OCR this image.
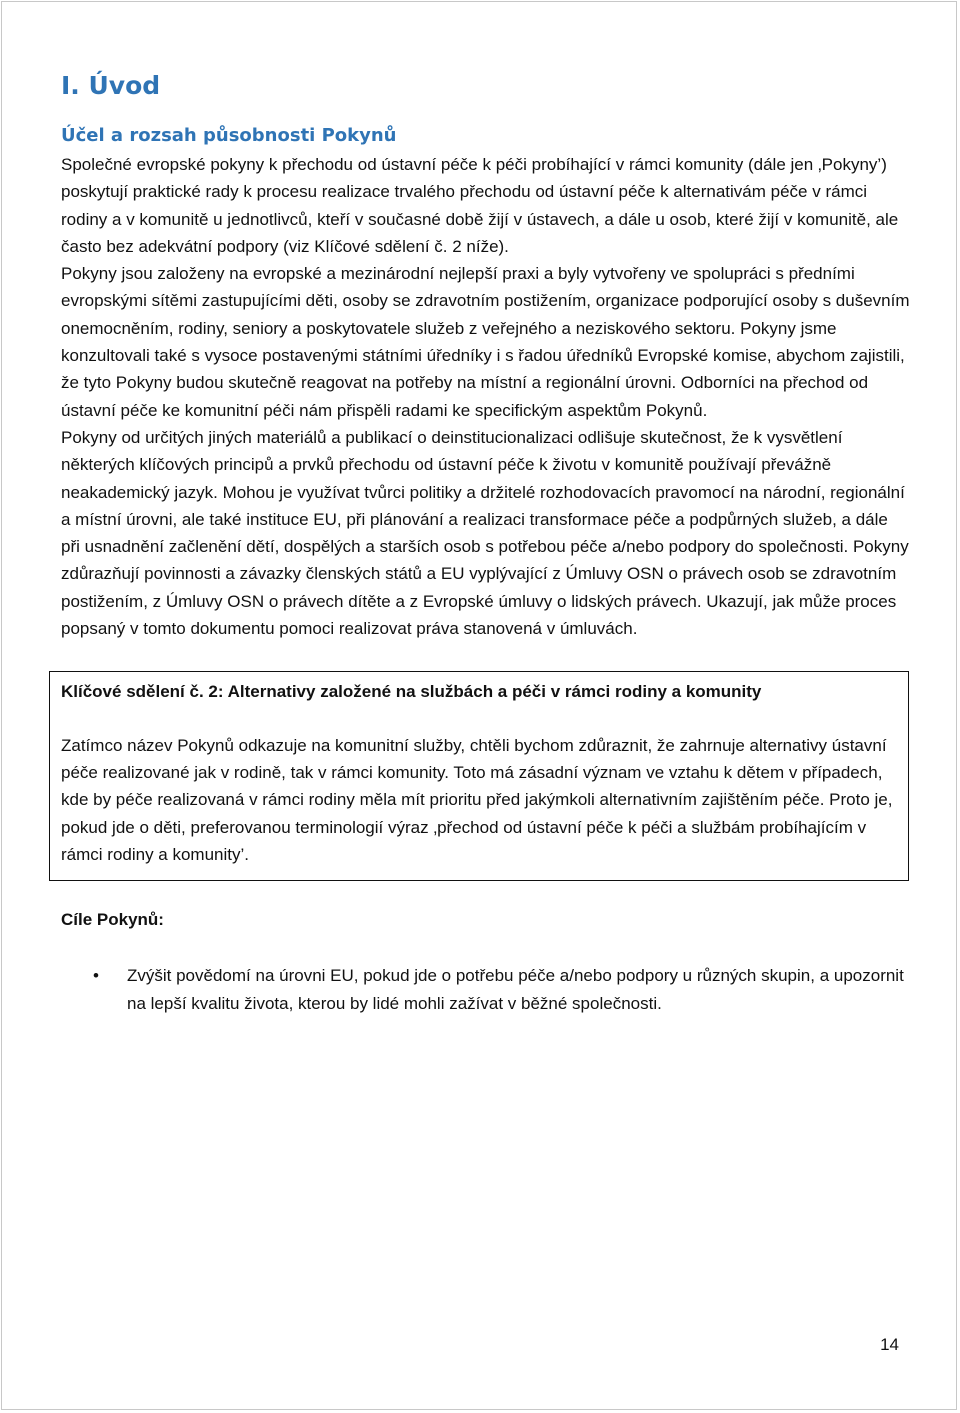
I. Úvod
Účel a rozsah působnosti Pokynů

Společné evropské pokyny k přechodu od ústavní péče k péči probíhající v rámci komunity (dále jen ‚Pokyny’) poskytují praktické rady k procesu realizace trvalého přechodu od ústavní péče k alternativám péče v rámci rodiny a v komunitě u jednotlivců, kteří v současné době žijí v ústavech, a dále u osob, které žijí v komunitě, ale často bez adekvátní podpory (viz Klíčové sdělení č. 2 níže).

Pokyny jsou založeny na evropské a mezinárodní nejlepší praxi a byly vytvořeny ve spolupráci s předními evropskými sítěmi zastupujícími děti, osoby se zdravotním postižením, organizace podporující osoby s duševním onemocněním, rodiny, seniory a poskytovatele služeb z veřejného a neziskového sektoru. Pokyny jsme konzultovali také s vysoce postavenými státními úředníky i s řadou úředníků Evropské komise, abychom zajistili, že tyto Pokyny budou skutečně reagovat na potřeby na místní a regionální úrovni. Odborníci na přechod od ústavní péče ke komunitní péči nám přispěli radami ke specifickým aspektům Pokynů.

Pokyny od určitých jiných materiálů a publikací o deinstitucionalizaci odlišuje skutečnost, že k vysvětlení některých klíčových principů a prvků přechodu od ústavní péče k životu v komunitě používají převážně neakademický jazyk. Mohou je využívat tvůrci politiky a držitelé rozhodovacích pravomocí na národní, regionální a místní úrovni, ale také instituce EU, při plánování a realizaci transformace péče a podpůrných služeb, a dále při usnadnění začlenění dětí, dospělých a starších osob s potřebou péče a/nebo podpory do společnosti. Pokyny zdůrazňují povinnosti a závazky členských států a EU vyplývající z Úmluvy OSN o právech osob se zdravotním postižením, z Úmluvy OSN o právech dítěte a z Evropské úmluvy o lidských právech. Ukazují, jak může proces popsaný v tomto dokumentu pomoci realizovat práva stanovená v úmluvách.

Klíčové sdělení č. 2: Alternativy založené na službách a péči v rámci rodiny a komunity

Zatímco název Pokynů odkazuje na komunitní služby, chtěli bychom zdůraznit, že zahrnuje alternativy ústavní péče realizované jak v rodině, tak v rámci komunity. Toto má zásadní význam ve vztahu k dětem v případech, kde by péče realizovaná v rámci rodiny měla mít prioritu před jakýmkoli alternativním zajištěním péče. Proto je, pokud jde o děti, preferovanou terminologií výraz ‚přechod od ústavní péče k péči a službám probíhajícím v rámci rodiny a komunity’.

Cíle Pokynů:

• Zvýšit povědomí na úrovni EU, pokud jde o potřebu péče a/nebo podpory u různých skupin, a upozornit na lepší kvalitu života, kterou by lidé mohli zažívat v běžné společnosti.
14
